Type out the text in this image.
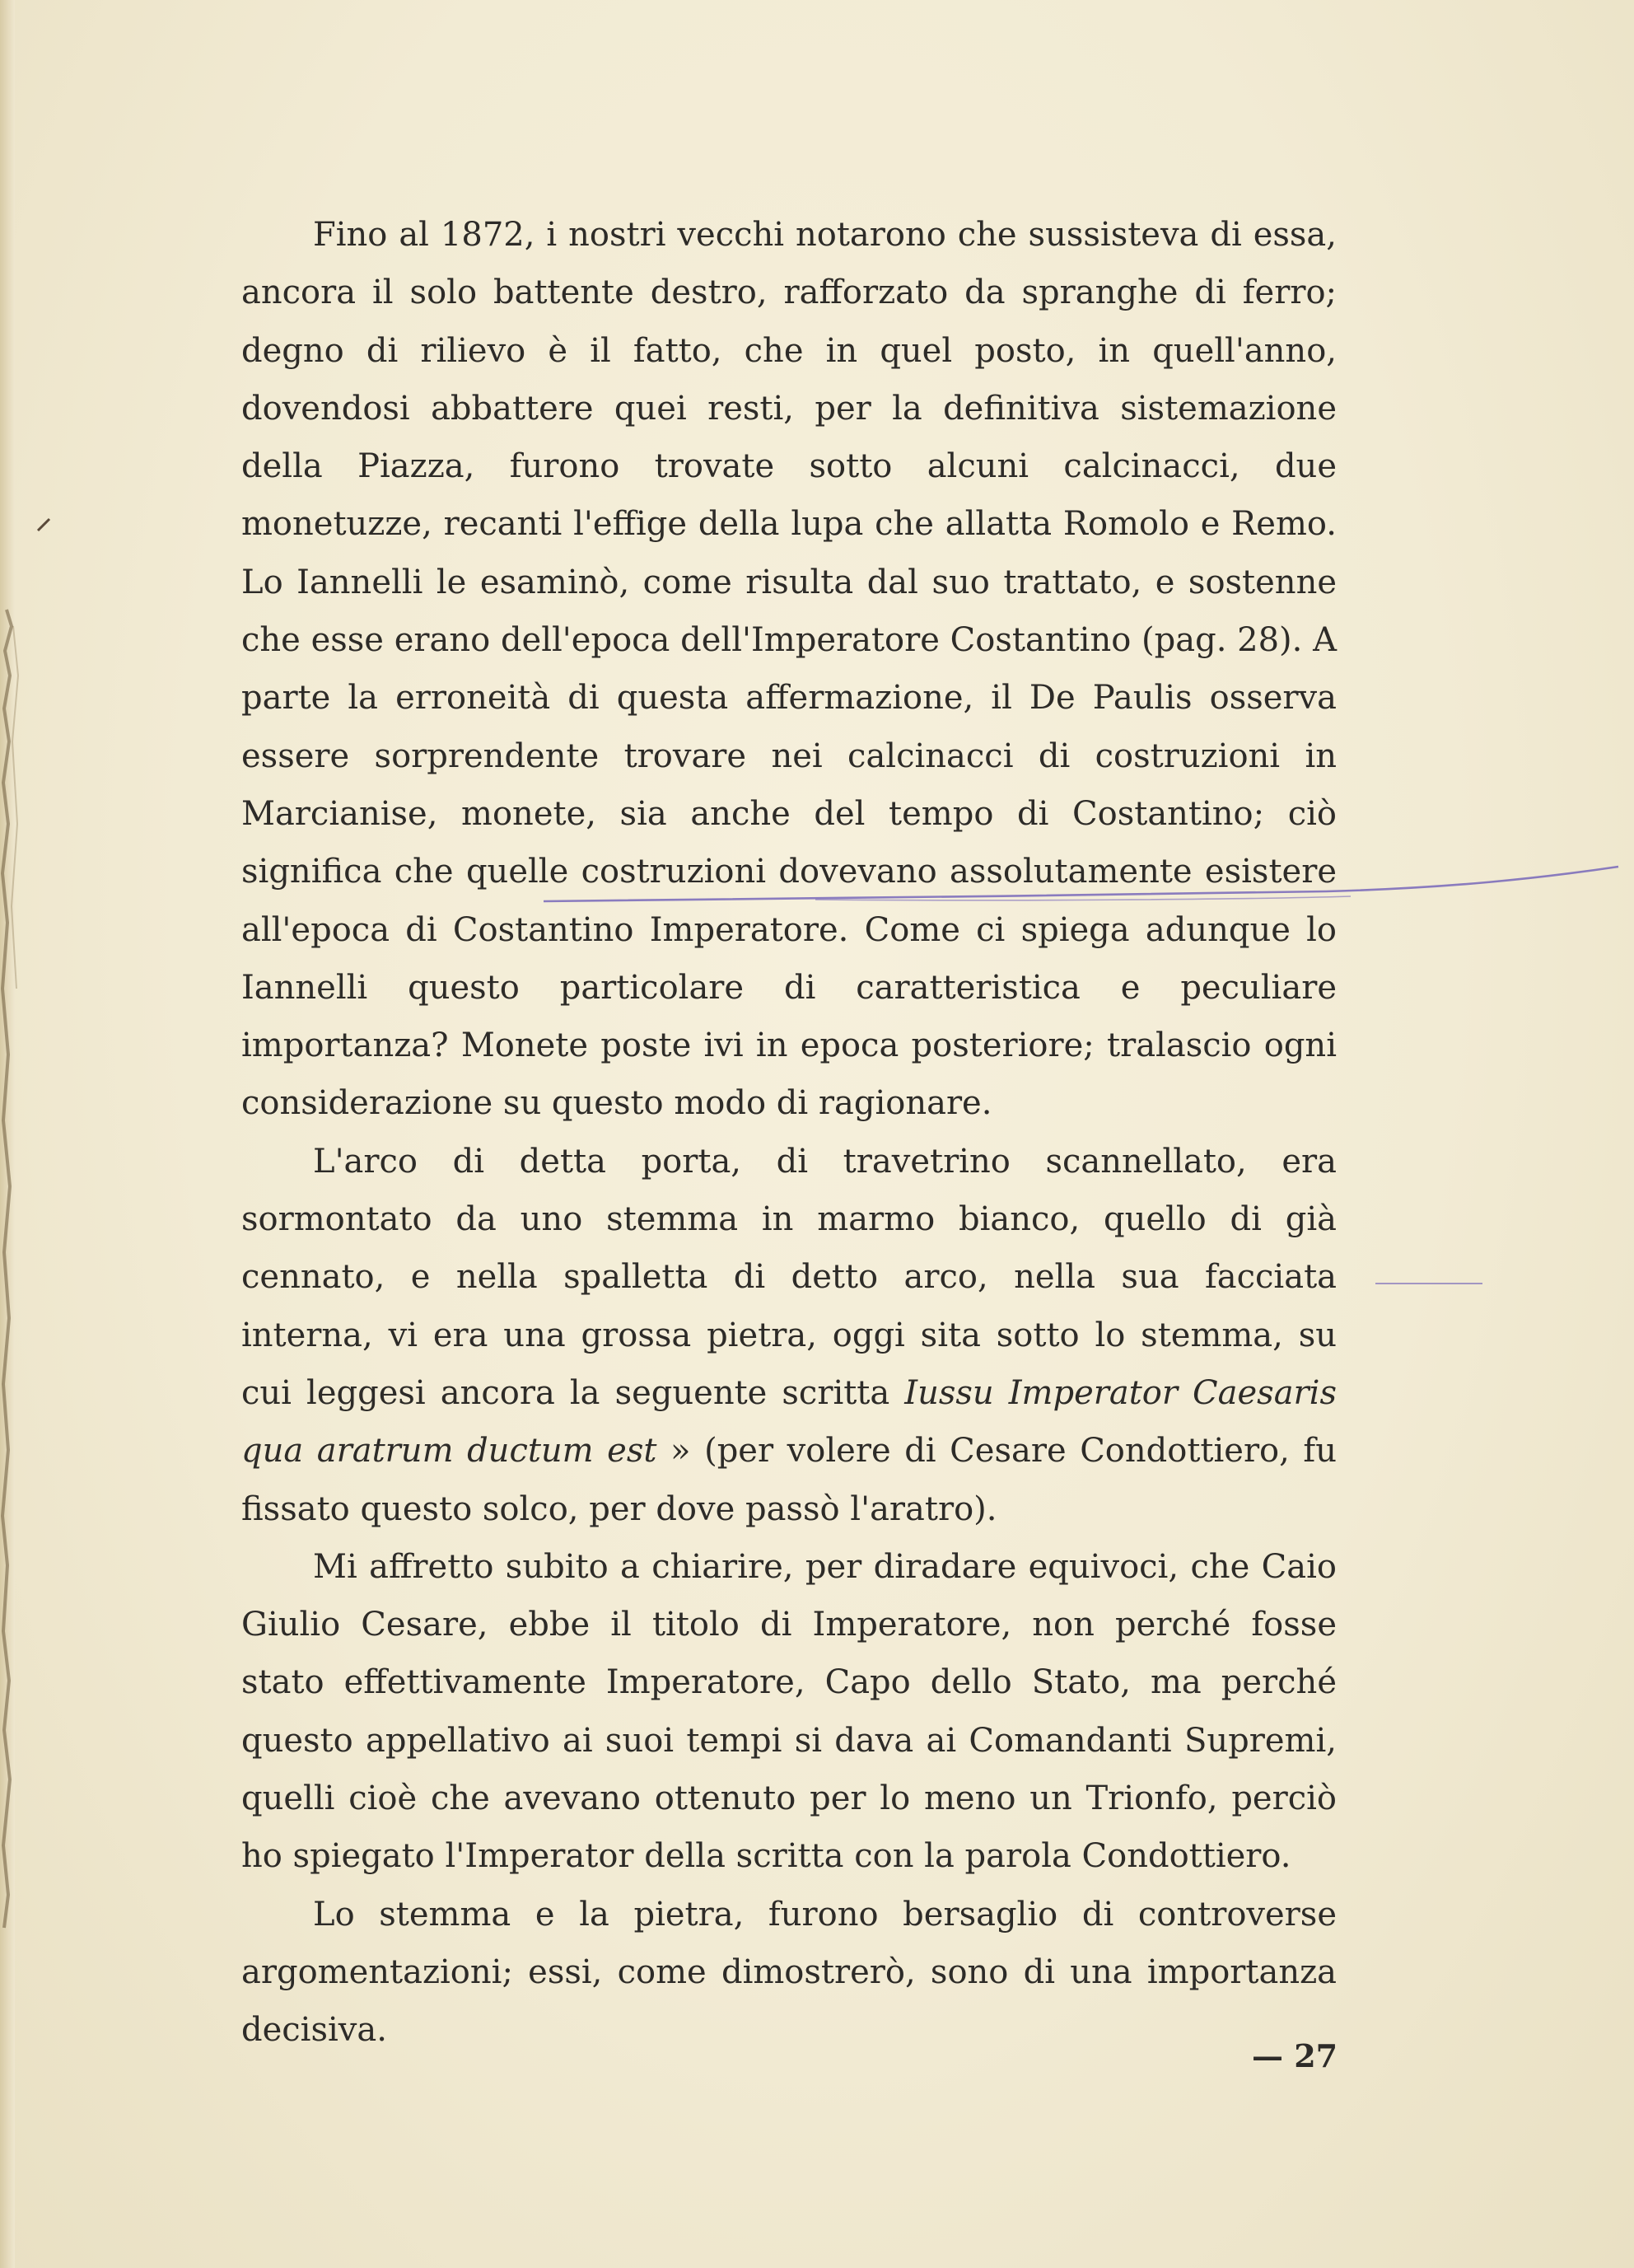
Fino al 1872, i nostri vecchi notarono che sussisteva di essa, ancora il solo battente destro, rafforzato da spranghe di ferro; degno di rilievo è il fatto, che in quel posto, in quell'anno, dovendosi abbattere quei resti, per la definitiva sistemazione della Piazza, furono trovate sotto alcuni calcinacci, due monetuzze, recanti l'effige della lupa che allatta Romolo e Remo. Lo Iannelli le esaminò, come risulta dal suo trattato, e sostenne che esse erano dell'epoca dell'Imperatore Costantino (pag. 28). A parte la erroneità di questa affermazione, il De Paulis osserva essere sorprendente trovare nei calcinacci di costruzioni in Marcianise, monete, sia anche del tempo di Costantino; ciò significa che quelle costruzioni dovevano assolutamente esistere all'epoca di Costantino Imperatore. Come ci spiega adunque lo Iannelli questo particolare di caratteristica e peculiare importanza? Monete poste ivi in epoca posteriore; tralascio ogni considerazione su questo modo di ragionare.

L'arco di detta porta, di travetrino scannellato, era sormontato da uno stemma in marmo bianco, quello di già cennato, e nella spalletta di detto arco, nella sua facciata interna, vi era una grossa pietra, oggi sita sotto lo stemma, su cui leggesi ancora la seguente scritta Iussu Imperator Caesaris qua aratrum ductum est » (per volere di Cesare Condottiero, fu fissato questo solco, per dove passò l'aratro).

Mi affretto subito a chiarire, per diradare equivoci, che Caio Giulio Cesare, ebbe il titolo di Imperatore, non perché fosse stato effettivamente Imperatore, Capo dello Stato, ma perché questo appellativo ai suoi tempi si dava ai Comandanti Supremi, quelli cioè che avevano ottenuto per lo meno un Trionfo, perciò ho spiegato l'Imperator della scritta con la parola Condottiero.

Lo stemma e la pietra, furono bersaglio di controverse argomentazioni; essi, come dimostrerò, sono di una importanza decisiva.

— 27
